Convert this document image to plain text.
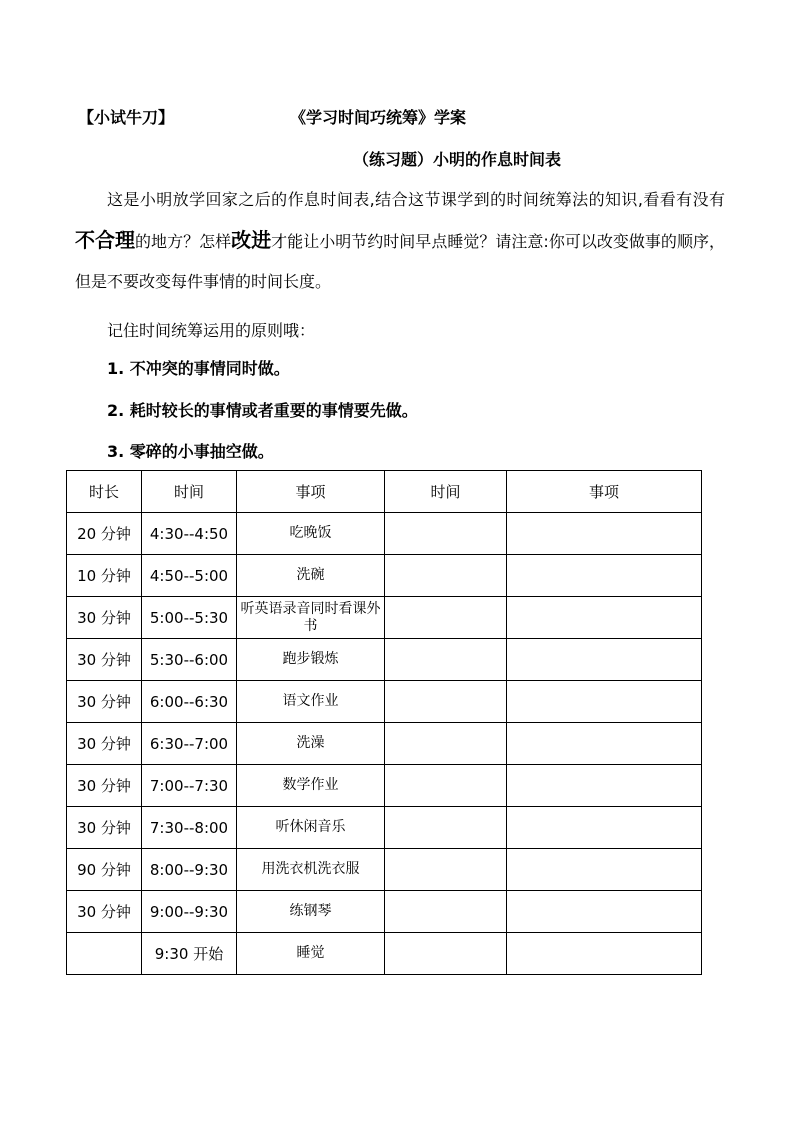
【小试牛刀】	《学习时间巧统筹》学案
（练习题）小明的作息时间表
这是小明放学回家之后的作息时间表,结合这节课学到的时间统筹法的知识,看看有没有不合理的地方？怎样改进才能让小明节约时间早点睡觉？请注意:你可以改变做事的顺序，但是不要改变每件事情的时间长度。
记住时间统筹运用的原则哦：
1. 不冲突的事情同时做。
2. 耗时较长的事情或者重要的事情要先做。
3. 零碎的小事抽空做。
时长	时间	事项	时间	事项
20 分钟	4:30--4:50	吃晚饭		
10 分钟	4:50--5:00	洗碗		
30 分钟	5:00--5:30	听英语录音同时看课外书		
30 分钟	5:30--6:00	跑步锻炼		
30 分钟	6:00--6:30	语文作业		
30 分钟	6:30--7:00	洗澡		
30 分钟	7:00--7:30	数学作业		
30 分钟	7:30--8:00	听休闲音乐		
90 分钟	8:00--9:30	用洗衣机洗衣服		
30 分钟	9:00--9:30	练钢琴		
	9:30 开始	睡觉		
